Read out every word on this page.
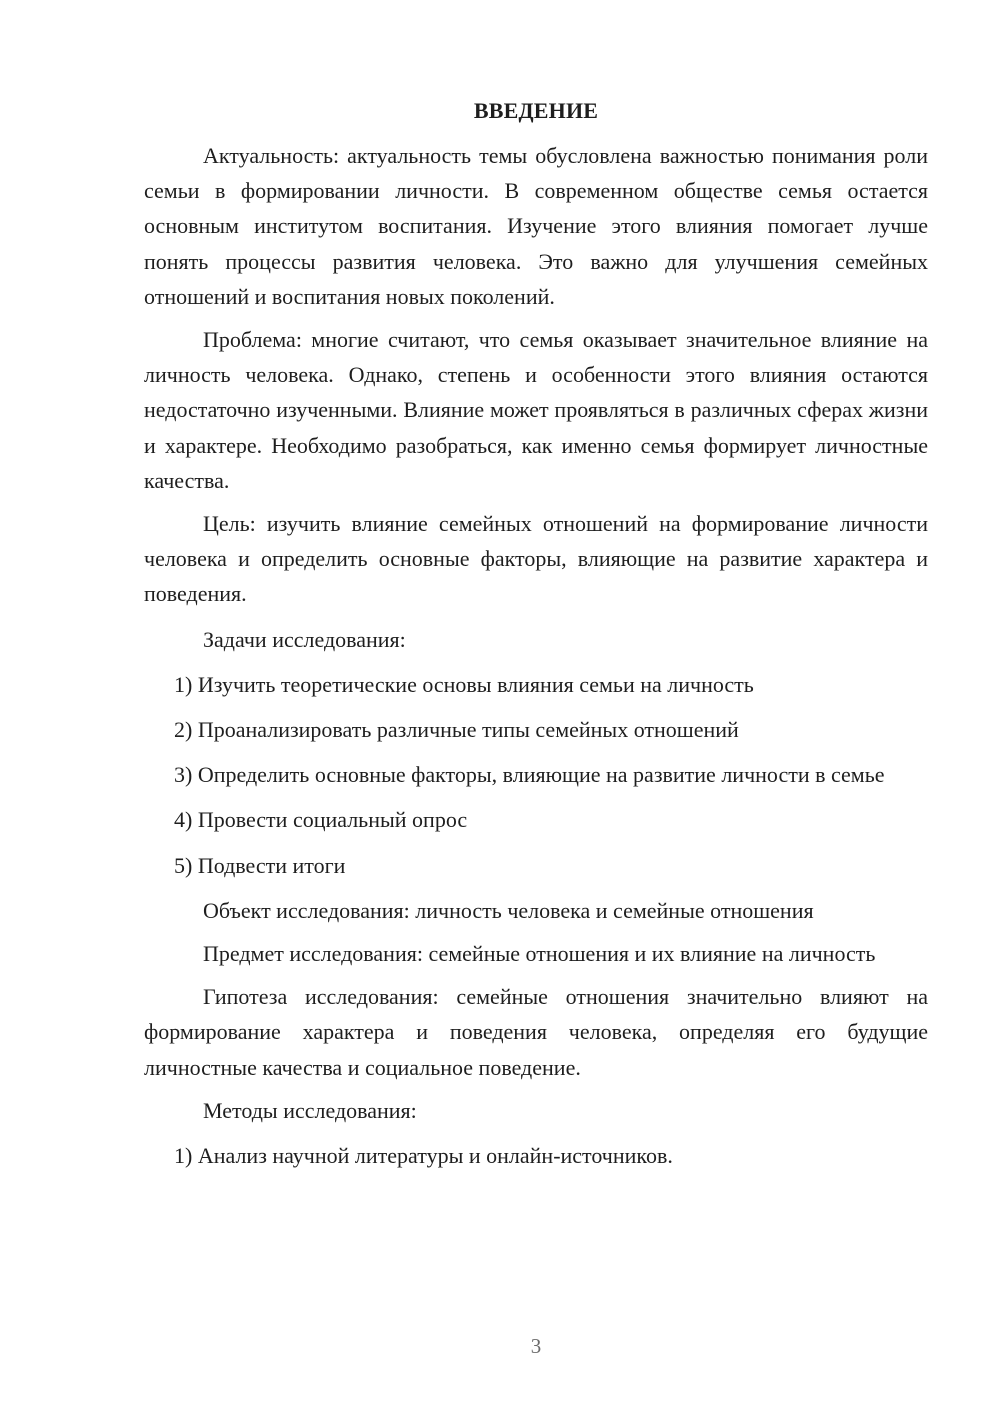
ВВЕДЕНИЕ

Актуальность: актуальность темы обусловлена важностью понимания роли семьи в формировании личности. В современном обществе семья остается основным институтом воспитания. Изучение этого влияния помогает лучше понять процессы развития человека. Это важно для улучшения семейных отношений и воспитания новых поколений.

Проблема: многие считают, что семья оказывает значительное влияние на личность человека. Однако, степень и особенности этого влияния остаются недостаточно изученными. Влияние может проявляться в различных сферах жизни и характере. Необходимо разобраться, как именно семья формирует личностные качества.

Цель: изучить влияние семейных отношений на формирование личности человека и определить основные факторы, влияющие на развитие характера и поведения.

Задачи исследования:

1) Изучить теоретические основы влияния семьи на личность

2) Проанализировать различные типы семейных отношений

3) Определить основные факторы, влияющие на развитие личности в семье

4) Провести социальный опрос

5) Подвести итоги

Объект исследования: личность человека и семейные отношения

Предмет исследования: семейные отношения и их влияние на личность

Гипотеза исследования: семейные отношения значительно влияют на формирование характера и поведения человека, определяя его будущие личностные качества и социальное поведение.

Методы исследования:

1) Анализ научной литературы и онлайн-источников.

3
